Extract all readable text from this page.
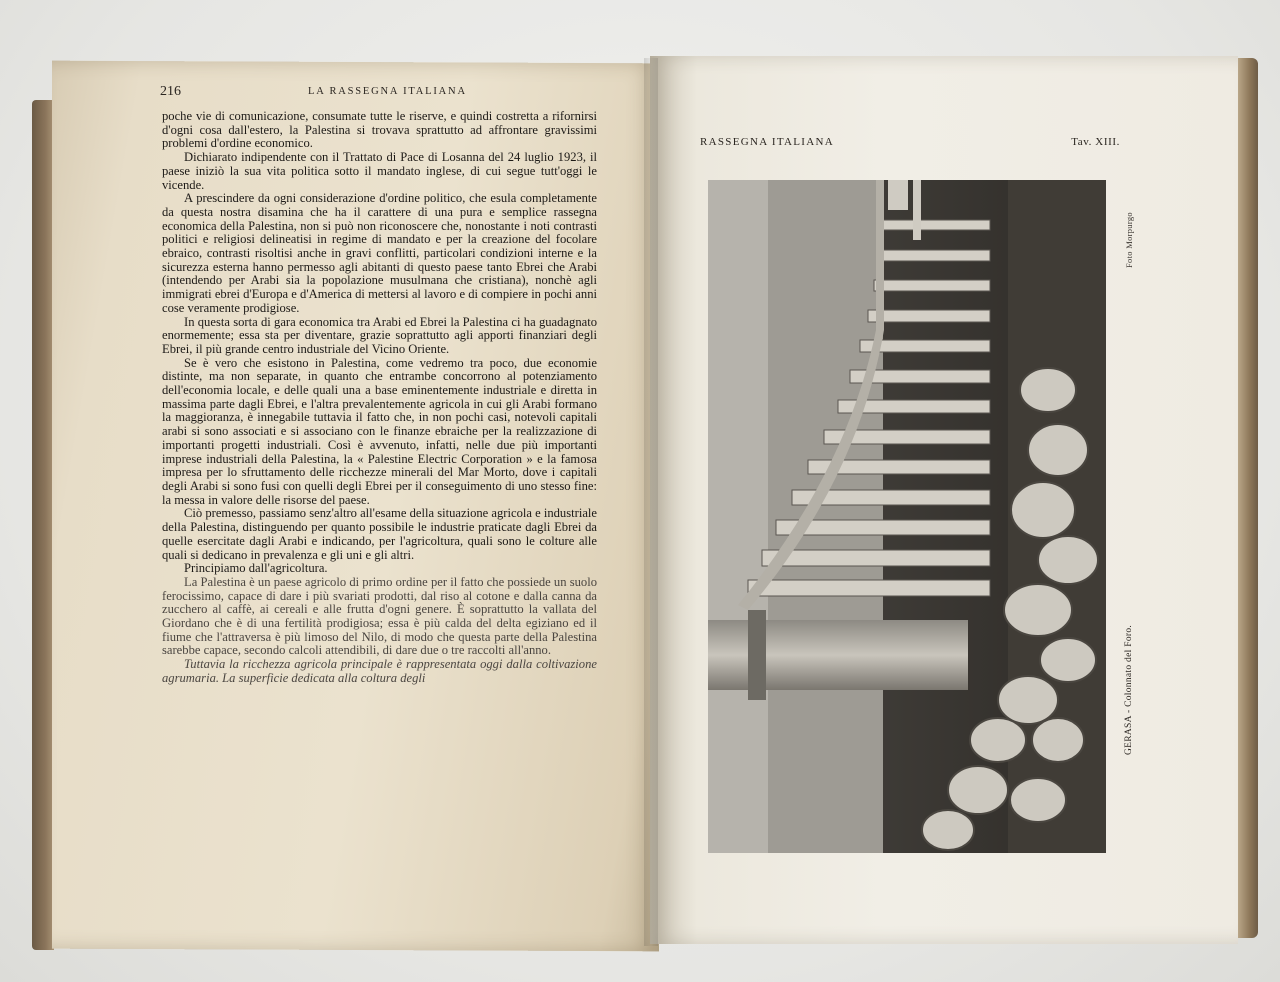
216	LA RASSEGNA ITALIANA

poche vie di comunicazione, consumate tutte le riserve, e quindi costretta a rifornirsi d'ogni cosa dall'estero, la Palestina si trovava sprattutto ad affrontare gravissimi problemi d'ordine economico.

Dichiarato indipendente con il Trattato di Pace di Losanna del 24 luglio 1923, il paese iniziò la sua vita politica sotto il mandato inglese, di cui segue tutt'oggi le vicende.

A prescindere da ogni considerazione d'ordine politico, che esula completamente da questa nostra disamina che ha il carattere di una pura e semplice rassegna economica della Palestina, non si può non riconoscere che, nonostante i noti contrasti politici e religiosi delineatisi in regime di mandato e per la creazione del focolare ebraico, contrasti risoltisi anche in gravi conflitti, particolari condizioni interne e la sicurezza esterna hanno permesso agli abitanti di questo paese tanto Ebrei che Arabi (intendendo per Arabi sia la popolazione musulmana che cristiana), nonchè agli immigrati ebrei d'Europa e d'America di mettersi al lavoro e di compiere in pochi anni cose veramente prodigiose.

In questa sorta di gara economica tra Arabi ed Ebrei la Palestina ci ha guadagnato enormemente; essa sta per diventare, grazie soprattutto agli apporti finanziari degli Ebrei, il più grande centro industriale del Vicino Oriente.

Se è vero che esistono in Palestina, come vedremo tra poco, due economie distinte, ma non separate, in quanto che entrambe concorrono al potenziamento dell'economia locale, e delle quali una a base eminentemente industriale e diretta in massima parte dagli Ebrei, e l'altra prevalentemente agricola in cui gli Arabi formano la maggioranza, è innegabile tuttavia il fatto che, in non pochi casi, notevoli capitali arabi si sono associati e si associano con le finanze ebraiche per la realizzazione di importanti progetti industriali. Così è avvenuto, infatti, nelle due più importanti imprese industriali della Palestina, la « Palestine Electric Corporation » e la famosa impresa per lo sfruttamento delle ricchezze minerali del Mar Morto, dove i capitali degli Arabi si sono fusi con quelli degli Ebrei per il conseguimento di uno stesso fine: la messa in valore delle risorse del paese.

Ciò premesso, passiamo senz'altro all'esame della situazione agricola e industriale della Palestina, distinguendo per quanto possibile le industrie praticate dagli Ebrei da quelle esercitate dagli Arabi e indicando, per l'agricoltura, quali sono le colture alle quali si dedicano in prevalenza e gli uni e gli altri.

Principiamo dall'agricoltura.

La Palestina è un paese agricolo di primo ordine per il fatto che possiede un suolo ferocissimo, capace di dare i più svariati prodotti, dal riso al cotone e dalla canna da zucchero al caffè, ai cereali e alle frutta d'ogni genere. È soprattutto la vallata del Giordano che è di una fertilità prodigiosa; essa è più calda del delta egiziano ed il fiume che l'attraversa è più limoso del Nilo, di modo che questa parte della Palestina sarebbe capace, secondo calcoli attendibili, di dare due o tre raccolti all'anno.

Tuttavia la ricchezza agricola principale è rappresentata oggi dalla coltivazione agrumaria. La superficie dedicata alla coltura degli

RASSEGNA ITALIANA	Tav. XIII.
GERASA - Colonnato del Foro.
Foto Morpurgo
